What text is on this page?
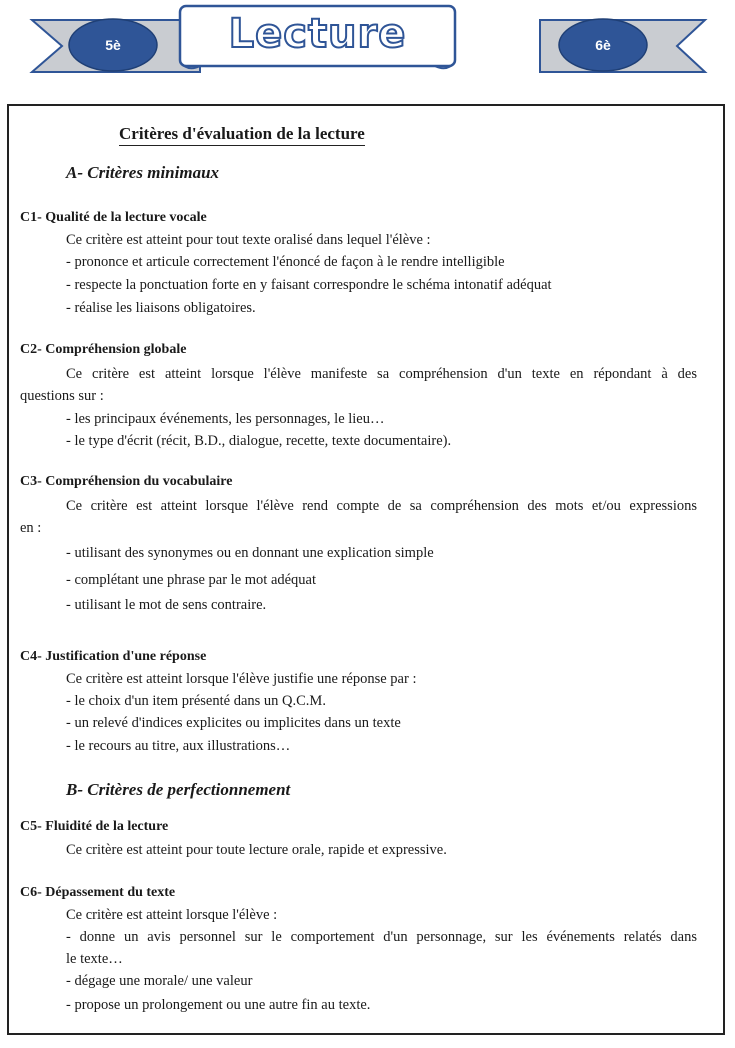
Lecture
5è	6è
Critères d'évaluation de la lecture
A- Critères minimaux
C1- Qualité de la lecture vocale
Ce critère est atteint pour tout texte oralisé dans lequel l'élève :
- prononce et articule correctement l'énoncé de façon à le rendre intelligible
- respecte la ponctuation forte en y faisant correspondre le schéma intonatif adéquat
- réalise les liaisons obligatoires.
C2- Compréhension globale
Ce critère est atteint lorsque l'élève manifeste sa compréhension d'un texte en répondant à des
questions sur :
- les principaux événements, les personnages, le lieu…
- le type d'écrit (récit, B.D., dialogue, recette, texte documentaire).
C3- Compréhension du vocabulaire
Ce critère est atteint lorsque l'élève rend compte de sa compréhension des mots et/ou expressions
en :
- utilisant des synonymes ou en donnant une explication simple
- complétant une phrase par le mot adéquat
- utilisant le mot de sens contraire.
C4- Justification d'une réponse
Ce critère est atteint lorsque l'élève justifie une réponse par :
- le choix d'un item présenté dans un Q.C.M.
- un relevé d'indices explicites ou implicites dans un texte
- le recours au titre, aux illustrations…
B- Critères de perfectionnement
C5- Fluidité de la lecture
Ce critère est atteint pour toute lecture orale, rapide et expressive.
C6- Dépassement du texte
Ce critère est atteint lorsque l'élève :
- donne un avis personnel sur le comportement d'un personnage, sur les événements relatés dans
le texte…
- dégage une morale/ une valeur
- propose un prolongement ou une autre fin au texte.
